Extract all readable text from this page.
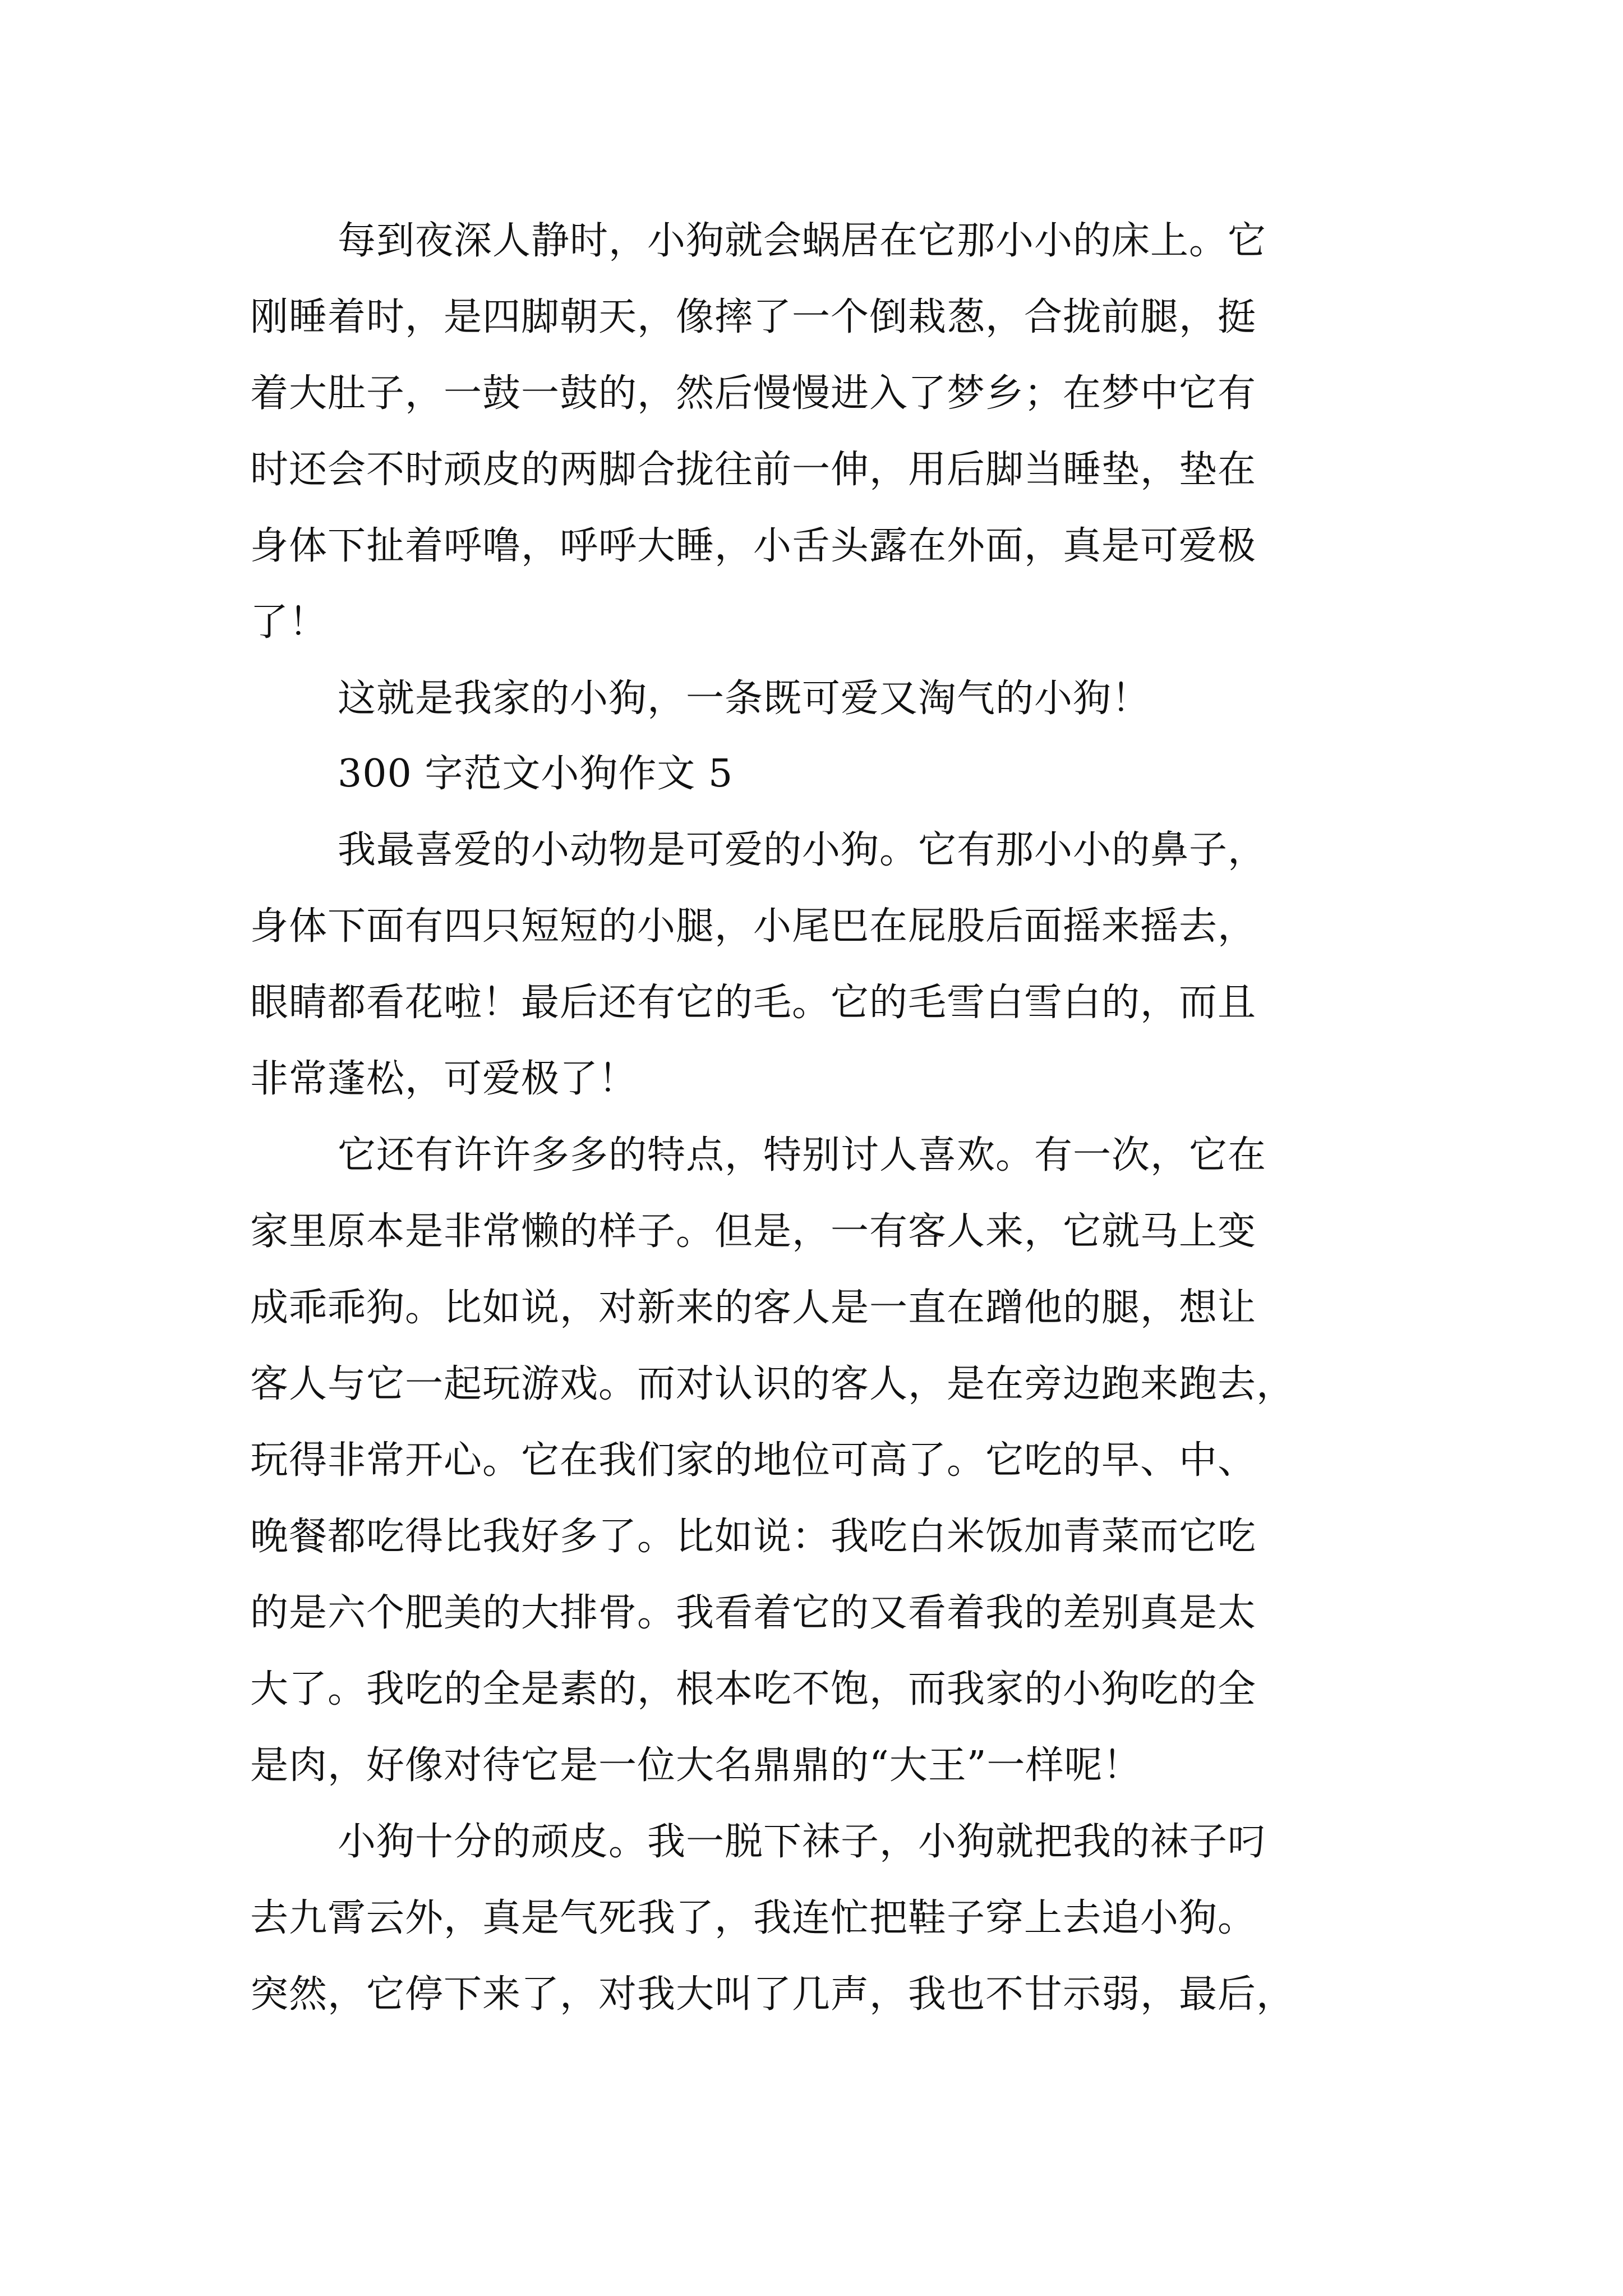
每到夜深人静时，小狗就会蜗居在它那小小的床上。它
刚睡着时，是四脚朝天，像摔了一个倒栽葱，合拢前腿，挺
着大肚子，一鼓一鼓的，然后慢慢进入了梦乡；在梦中它有
时还会不时顽皮的两脚合拢往前一伸，用后脚当睡垫，垫在
身体下扯着呼噜，呼呼大睡，小舌头露在外面，真是可爱极
了！
这就是我家的小狗，一条既可爱又淘气的小狗！
300 字范文小狗作文 5
我最喜爱的小动物是可爱的小狗。它有那小小的鼻子，
身体下面有四只短短的小腿，小尾巴在屁股后面摇来摇去，
眼睛都看花啦！最后还有它的毛。它的毛雪白雪白的，而且
非常蓬松，可爱极了！
它还有许许多多的特点，特别讨人喜欢。有一次，它在
家里原本是非常懒的样子。但是，一有客人来，它就马上变
成乖乖狗。比如说，对新来的客人是一直在蹭他的腿，想让
客人与它一起玩游戏。而对认识的客人，是在旁边跑来跑去，
玩得非常开心。它在我们家的地位可高了。它吃的早、中、
晚餐都吃得比我好多了。比如说：我吃白米饭加青菜而它吃
的是六个肥美的大排骨。我看着它的又看着我的差别真是太
大了。我吃的全是素的，根本吃不饱，而我家的小狗吃的全
是肉，好像对待它是一位大名鼎鼎的“大王”一样呢！
小狗十分的顽皮。我一脱下袜子，小狗就把我的袜子叼
去九霄云外，真是气死我了，我连忙把鞋子穿上去追小狗。
突然，它停下来了，对我大叫了几声，我也不甘示弱，最后，
